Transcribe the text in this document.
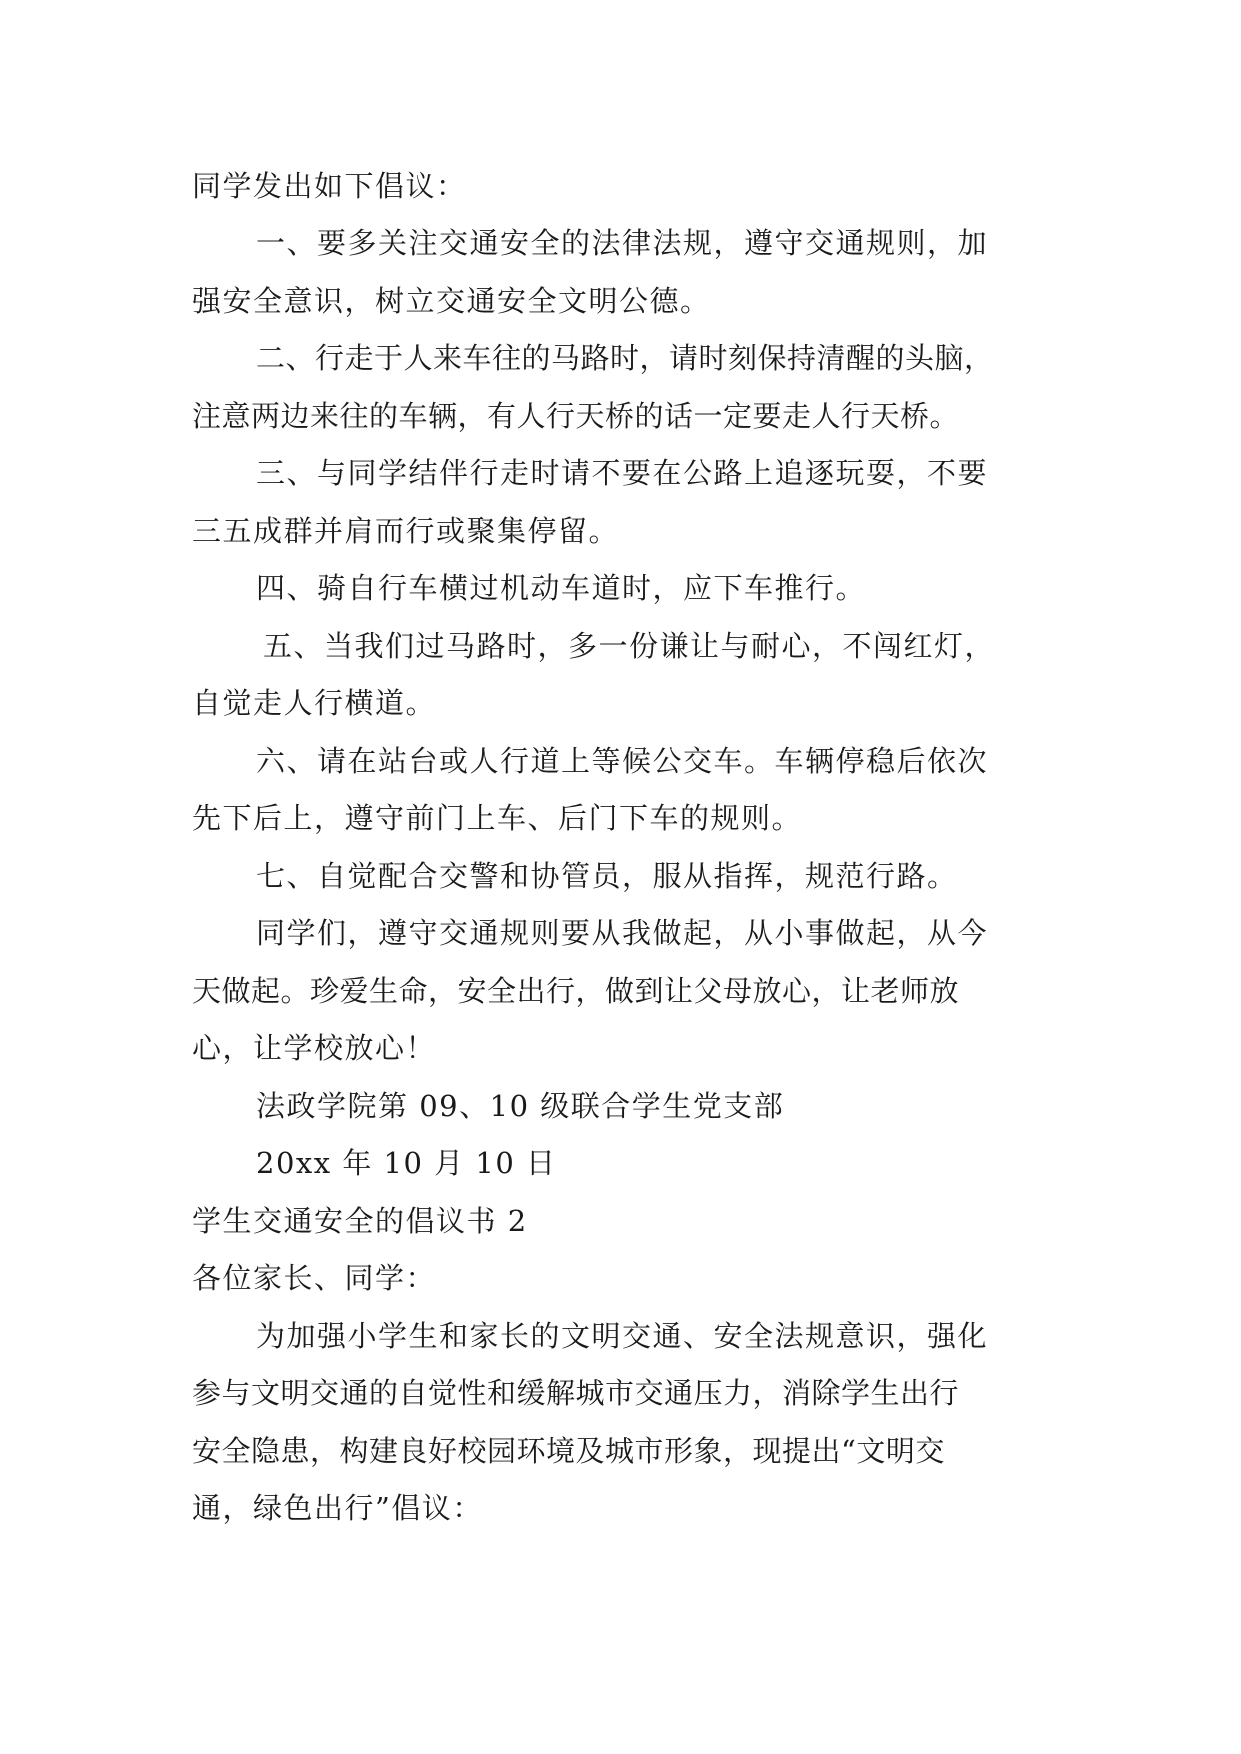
同学发出如下倡议：
一、要多关注交通安全的法律法规，遵守交通规则，加
强安全意识，树立交通安全文明公德。
二、行走于人来车往的马路时，请时刻保持清醒的头脑，
注意两边来往的车辆，有人行天桥的话一定要走人行天桥。
三、与同学结伴行走时请不要在公路上追逐玩耍，不要
三五成群并肩而行或聚集停留。
四、骑自行车横过机动车道时，应下车推行。
五、当我们过马路时，多一份谦让与耐心，不闯红灯，
自觉走人行横道。
六、请在站台或人行道上等候公交车。车辆停稳后依次
先下后上，遵守前门上车、后门下车的规则。
七、自觉配合交警和协管员，服从指挥，规范行路。
同学们，遵守交通规则要从我做起，从小事做起，从今
天做起。珍爱生命，安全出行，做到让父母放心，让老师放
心，让学校放心！
法政学院第 09、10 级联合学生党支部
20xx 年 10 月 10 日
学生交通安全的倡议书 2
各位家长、同学：
为加强小学生和家长的文明交通、安全法规意识，强化
参与文明交通的自觉性和缓解城市交通压力，消除学生出行
安全隐患，构建良好校园环境及城市形象，现提出“文明交
通，绿色出行”倡议：
